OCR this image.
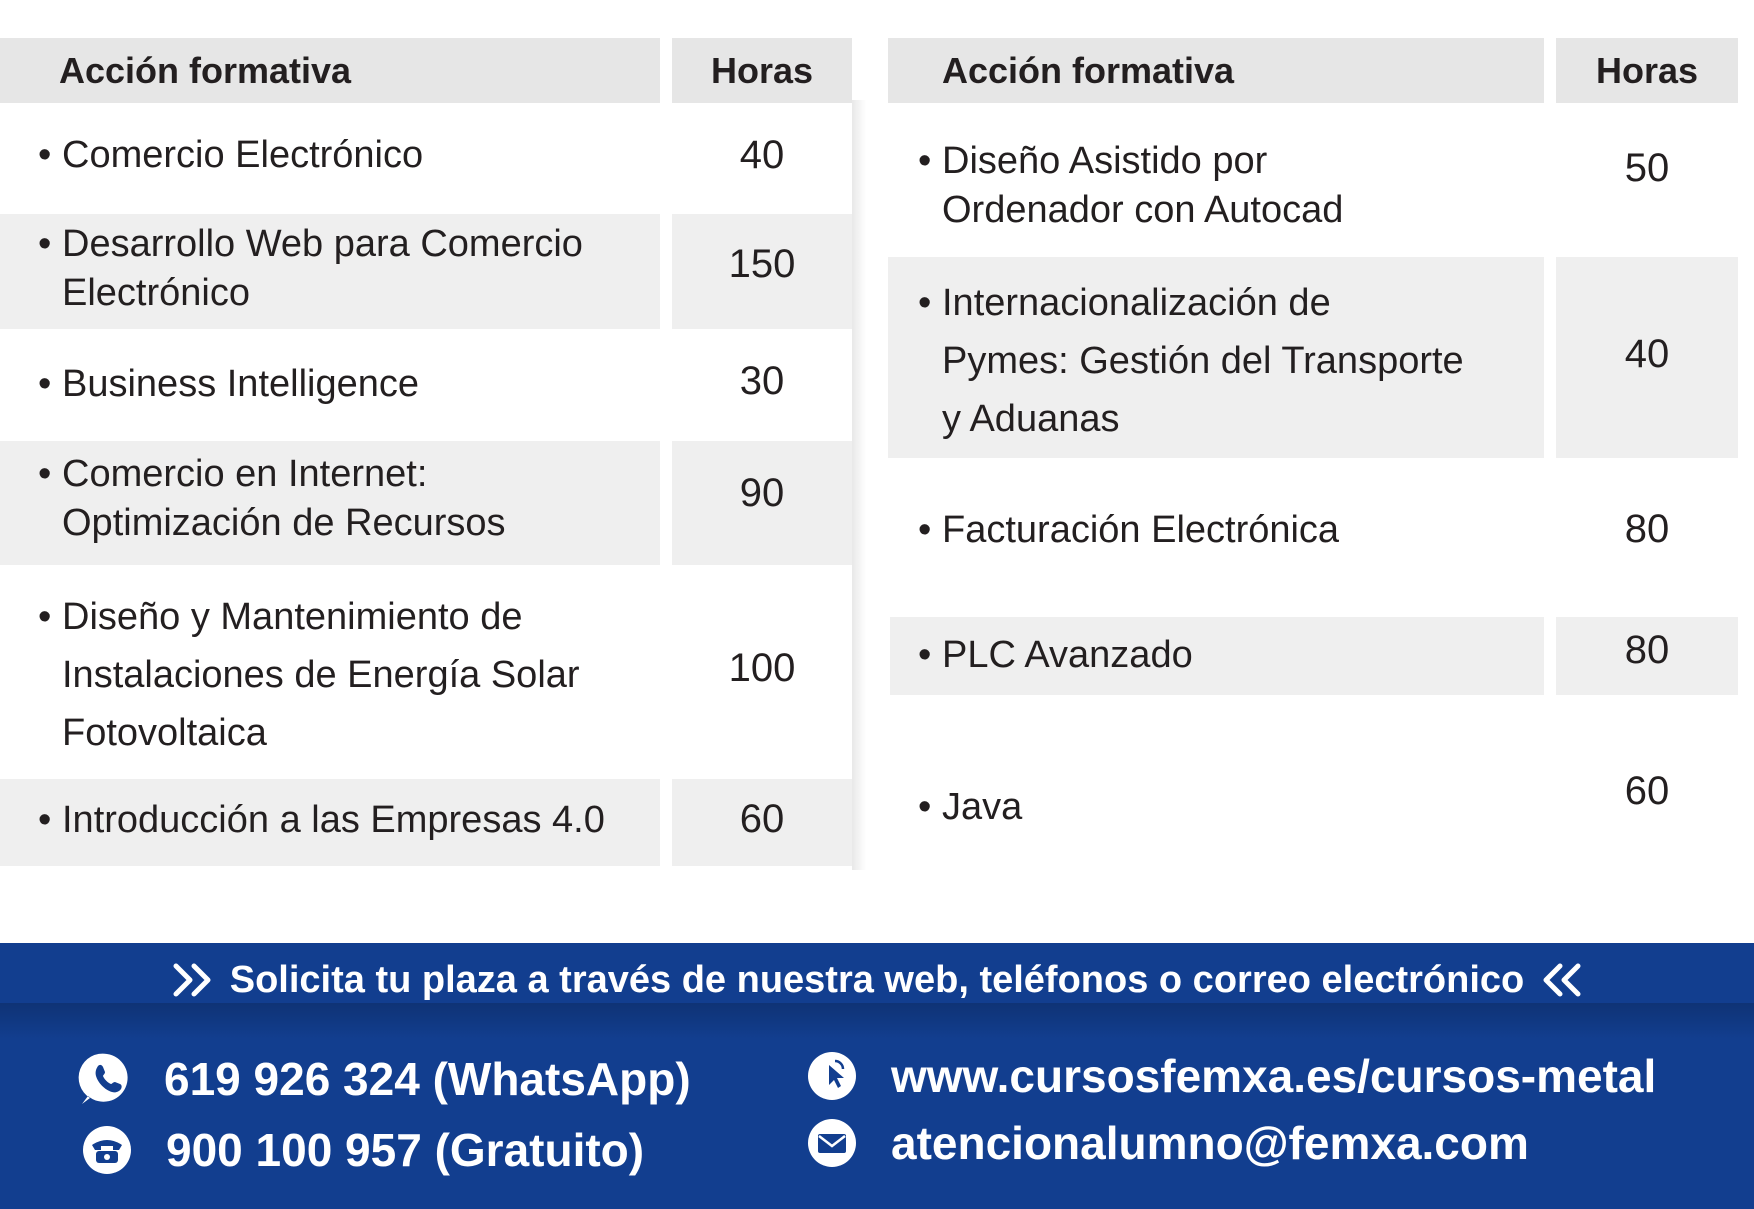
Acción formativa	Horas
• Comercio Electrónico	40
• Desarrollo Web para Comercio
Electrónico
150
• Business Intelligence	30
• Comercio en Internet:
Optimización de Recursos
90
• Diseño y Mantenimiento de
Instalaciones de Energía Solar
Fotovoltaica
100
• Introducción a las Empresas 4.0	60
Acción formativa	Horas
• Diseño Asistido por
Ordenador con Autocad
50
• Internacionalización de
Pymes: Gestión del Transporte
y Aduanas
40
• Facturación Electrónica	80
• PLC Avanzado	80
• Java	60
Solicita tu plaza a través de nuestra web, teléfonos o correo electrónico
619 926 324 (WhatsApp)
900 100 957 (Gratuito)
www.cursosfemxa.es/cursos-metal
atencionalumno@femxa.com
